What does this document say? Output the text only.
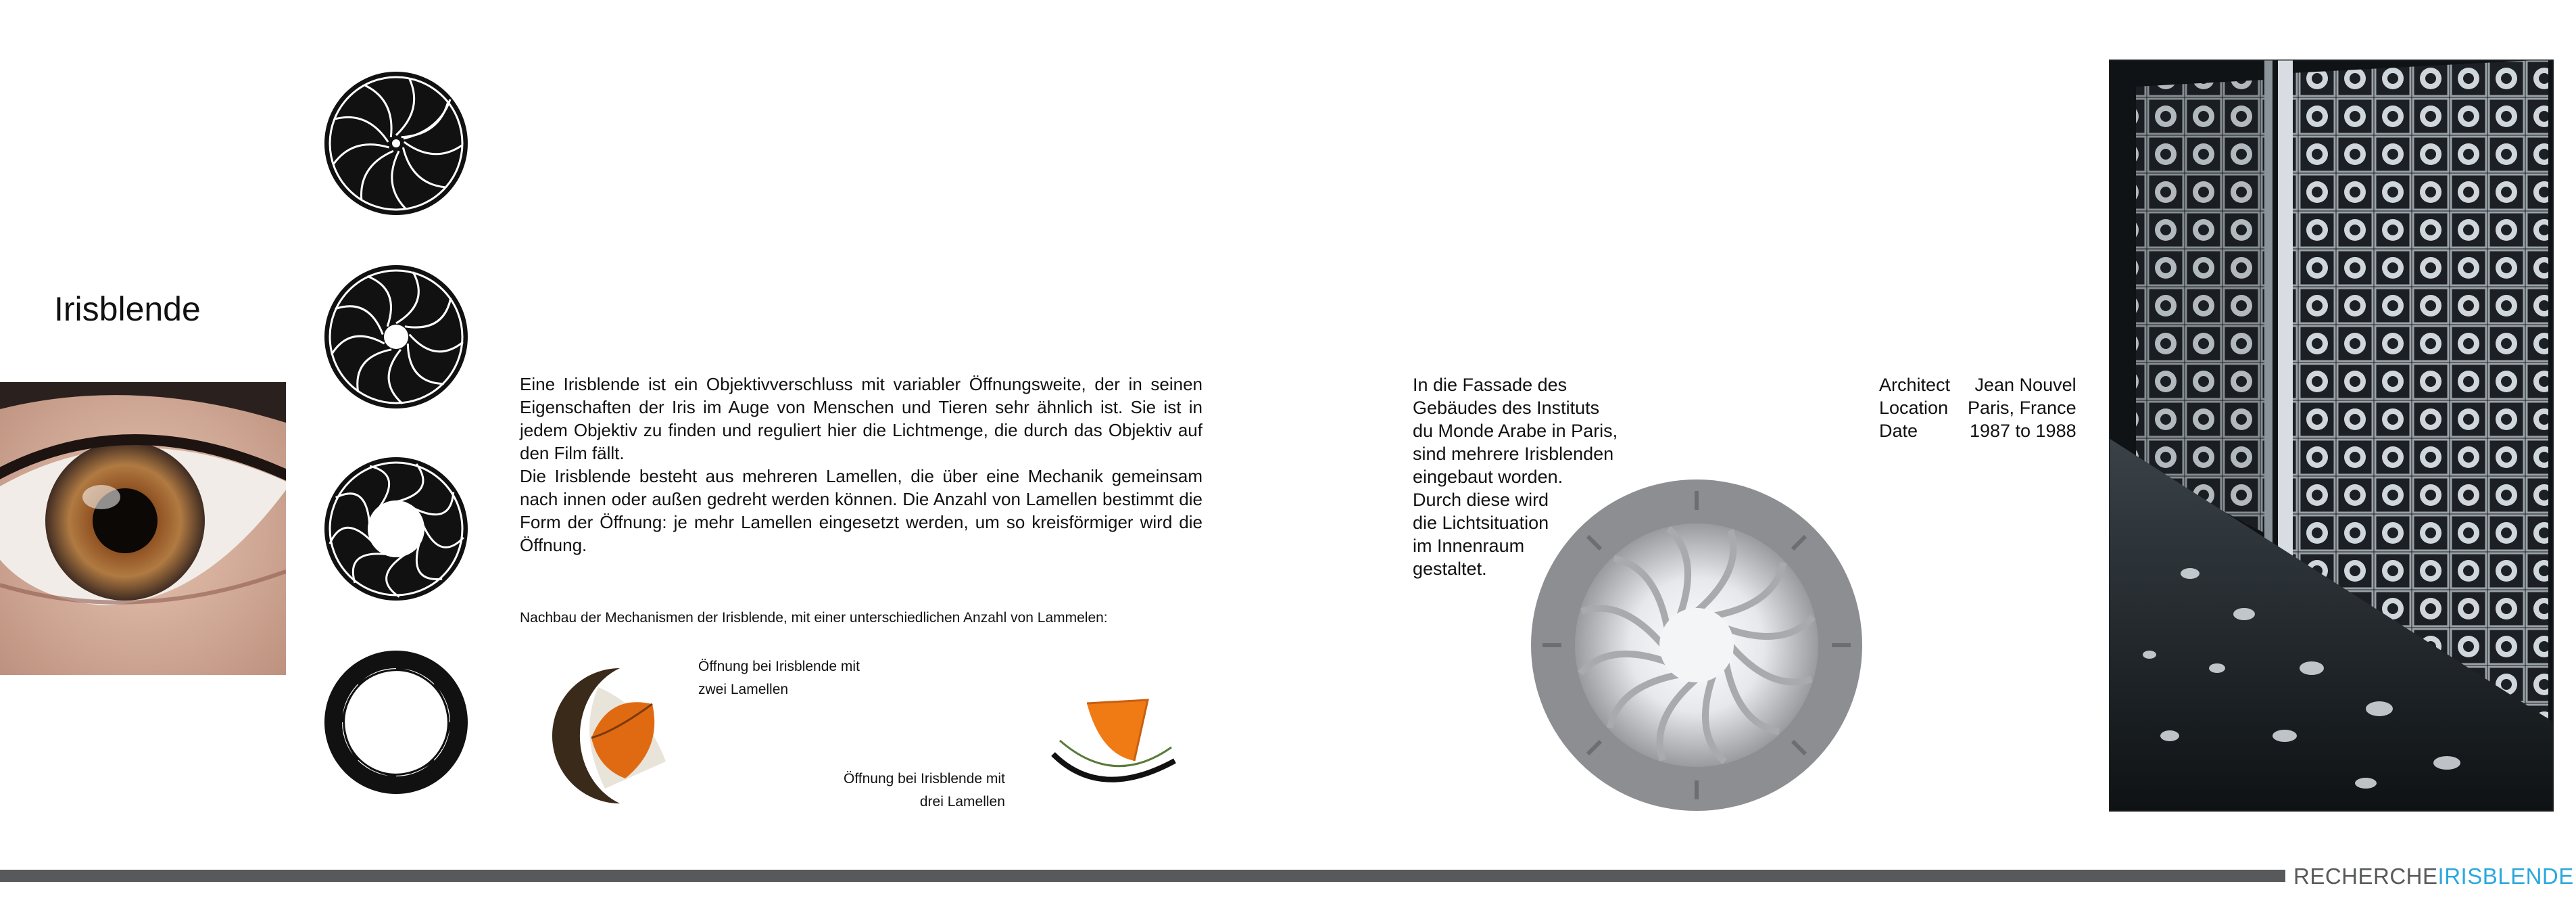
Irisblende

Eine Irisblende ist ein Objektivverschluss mit variabler Öffnungsweite, der in seinen Eigenschaften der Iris im Auge von Menschen und Tieren sehr ähnlich ist. Sie ist in jedem Objektiv zu finden und reguliert hier die Lichtmenge, die durch das Objektiv auf den Film fällt.

Die Irisblende besteht aus mehreren Lamellen, die über eine Mechanik gemeinsam nach innen oder außen gedreht werden können. Die Anzahl von Lamellen bestimmt die Form der Öffnung: je mehr Lamellen eingesetzt werden, um so kreisförmiger wird die Öffnung.

Nachbau der Mechanismen der Irisblende, mit einer unterschiedlichen Anzahl von Lammelen:
Öffnung bei Irisblende mit
zwei Lamellen
Öffnung bei Irisblende mit
drei Lamellen
In die Fassade des
Gebäudes des Instituts
du Monde Arabe in Paris,
sind mehrere Irisblenden
eingebaut worden.
Durch diese wird
die Lichtsituation
im Innenraum
gestaltet.
Architect	Jean Nouvel
Location	Paris, France
Date	1987 to 1988
RECHERCHEIRISBLENDE
